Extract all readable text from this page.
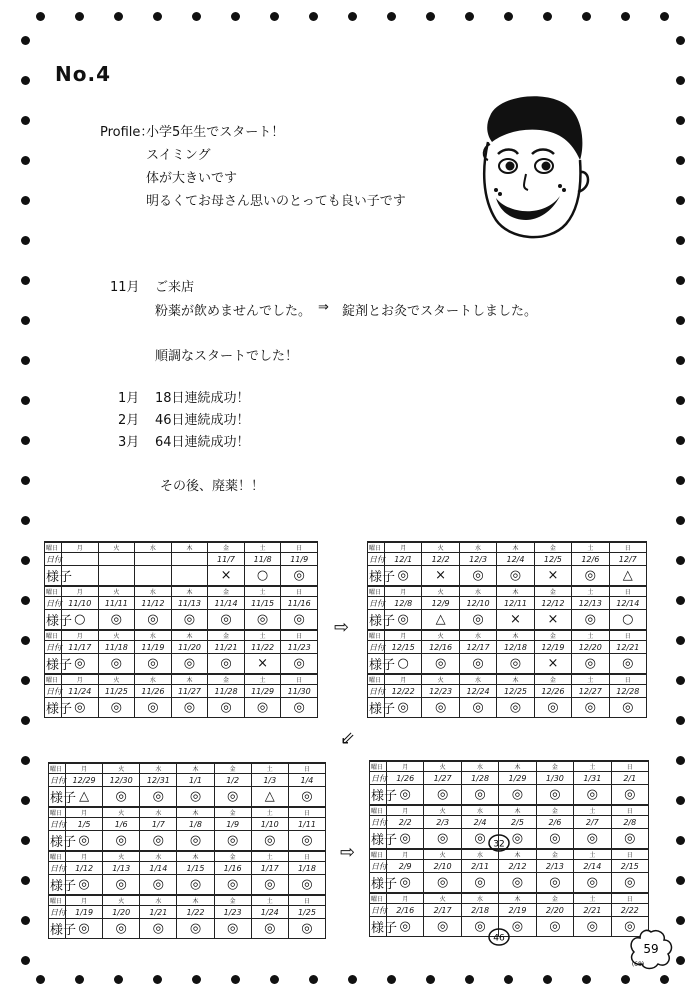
No.4
Profile：
小学5年生でスタート！
スイミング
体が大きいです
明るくてお母さん思いのとっても良い子です
11月 ご来店
粉薬が飲めませんでした。 ⇒ 錠剤とお灸でスタートしました。
順調なスタートでした！
1月 18日連続成功！
2月 46日連続成功！
3月 64日連続成功！
その後、廃薬！！
曜日	月	火	水	木	金	土	日
日付					11/7	11/8	11/9
様子					×	○	◎
曜日	月	火	水	木	金	土	日
日付	11/10	11/11	11/12	11/13	11/14	11/15	11/16
様子	○	◎	◎	◎	◎	◎	◎
曜日	月	火	水	木	金	土	日
日付	11/17	11/18	11/19	11/20	11/21	11/22	11/23
様子	◎	◎	◎	◎	◎	×	◎
曜日	月	火	水	木	金	土	日
日付	11/24	11/25	11/26	11/27	11/28	11/29	11/30
様子	◎	◎	◎	◎	◎	◎	◎
曜日	月	火	水	木	金	土	日
日付	12/1	12/2	12/3	12/4	12/5	12/6	12/7
様子	◎	×	◎	◎	×	◎	△
曜日	月	火	水	木	金	土	日
日付	12/8	12/9	12/10	12/11	12/12	12/13	12/14
様子	◎	△	◎	×	×	◎	○
曜日	月	火	水	木	金	土	日
日付	12/15	12/16	12/17	12/18	12/19	12/20	12/21
様子	○	◎	◎	◎	×	◎	◎
曜日	月	火	水	木	金	土	日
日付	12/22	12/23	12/24	12/25	12/26	12/27	12/28
様子	◎	◎	◎	◎	◎	◎	◎
曜日	月	火	水	木	金	土	日
日付	12/29	12/30	12/31	1/1	1/2	1/3	1/4
様子	△	◎	◎	◎	◎	△	◎
曜日	月	火	水	木	金	土	日
日付	1/5	1/6	1/7	1/8	1/9	1/10	1/11
様子	◎	◎	◎	◎	◎	◎	◎
曜日	月	火	水	木	金	土	日
日付	1/12	1/13	1/14	1/15	1/16	1/17	1/18
様子	◎	◎	◎	◎	◎	◎	◎
曜日	月	火	水	木	金	土	日
日付	1/19	1/20	1/21	1/22	1/23	1/24	1/25
様子	◎	◎	◎	◎	◎	◎	◎
曜日	月	火	水	木	金	土	日
日付	1/26	1/27	1/28	1/29	1/30	1/31	2/1
様子	◎	◎	◎	◎	◎	◎	◎
曜日	月	火	水	木	金	土	日
日付	2/2	2/3	2/4	2/5	2/6	2/7	2/8
様子	◎	◎	◎	◎	◎	◎	◎
曜日	月	火	水	木	金	土	日
日付	2/9	2/10	2/11	2/12	2/13	2/14	2/15
様子	◎	◎	◎	◎	◎	◎	◎
曜日	月	火	水	木	金	土	日
日付	2/16	2/17	2/18	2/19	2/20	2/21	2/22
様子	◎	◎	◎	◎	◎	◎	◎
⇨
⇙
⇨	32
46
59
(68)
